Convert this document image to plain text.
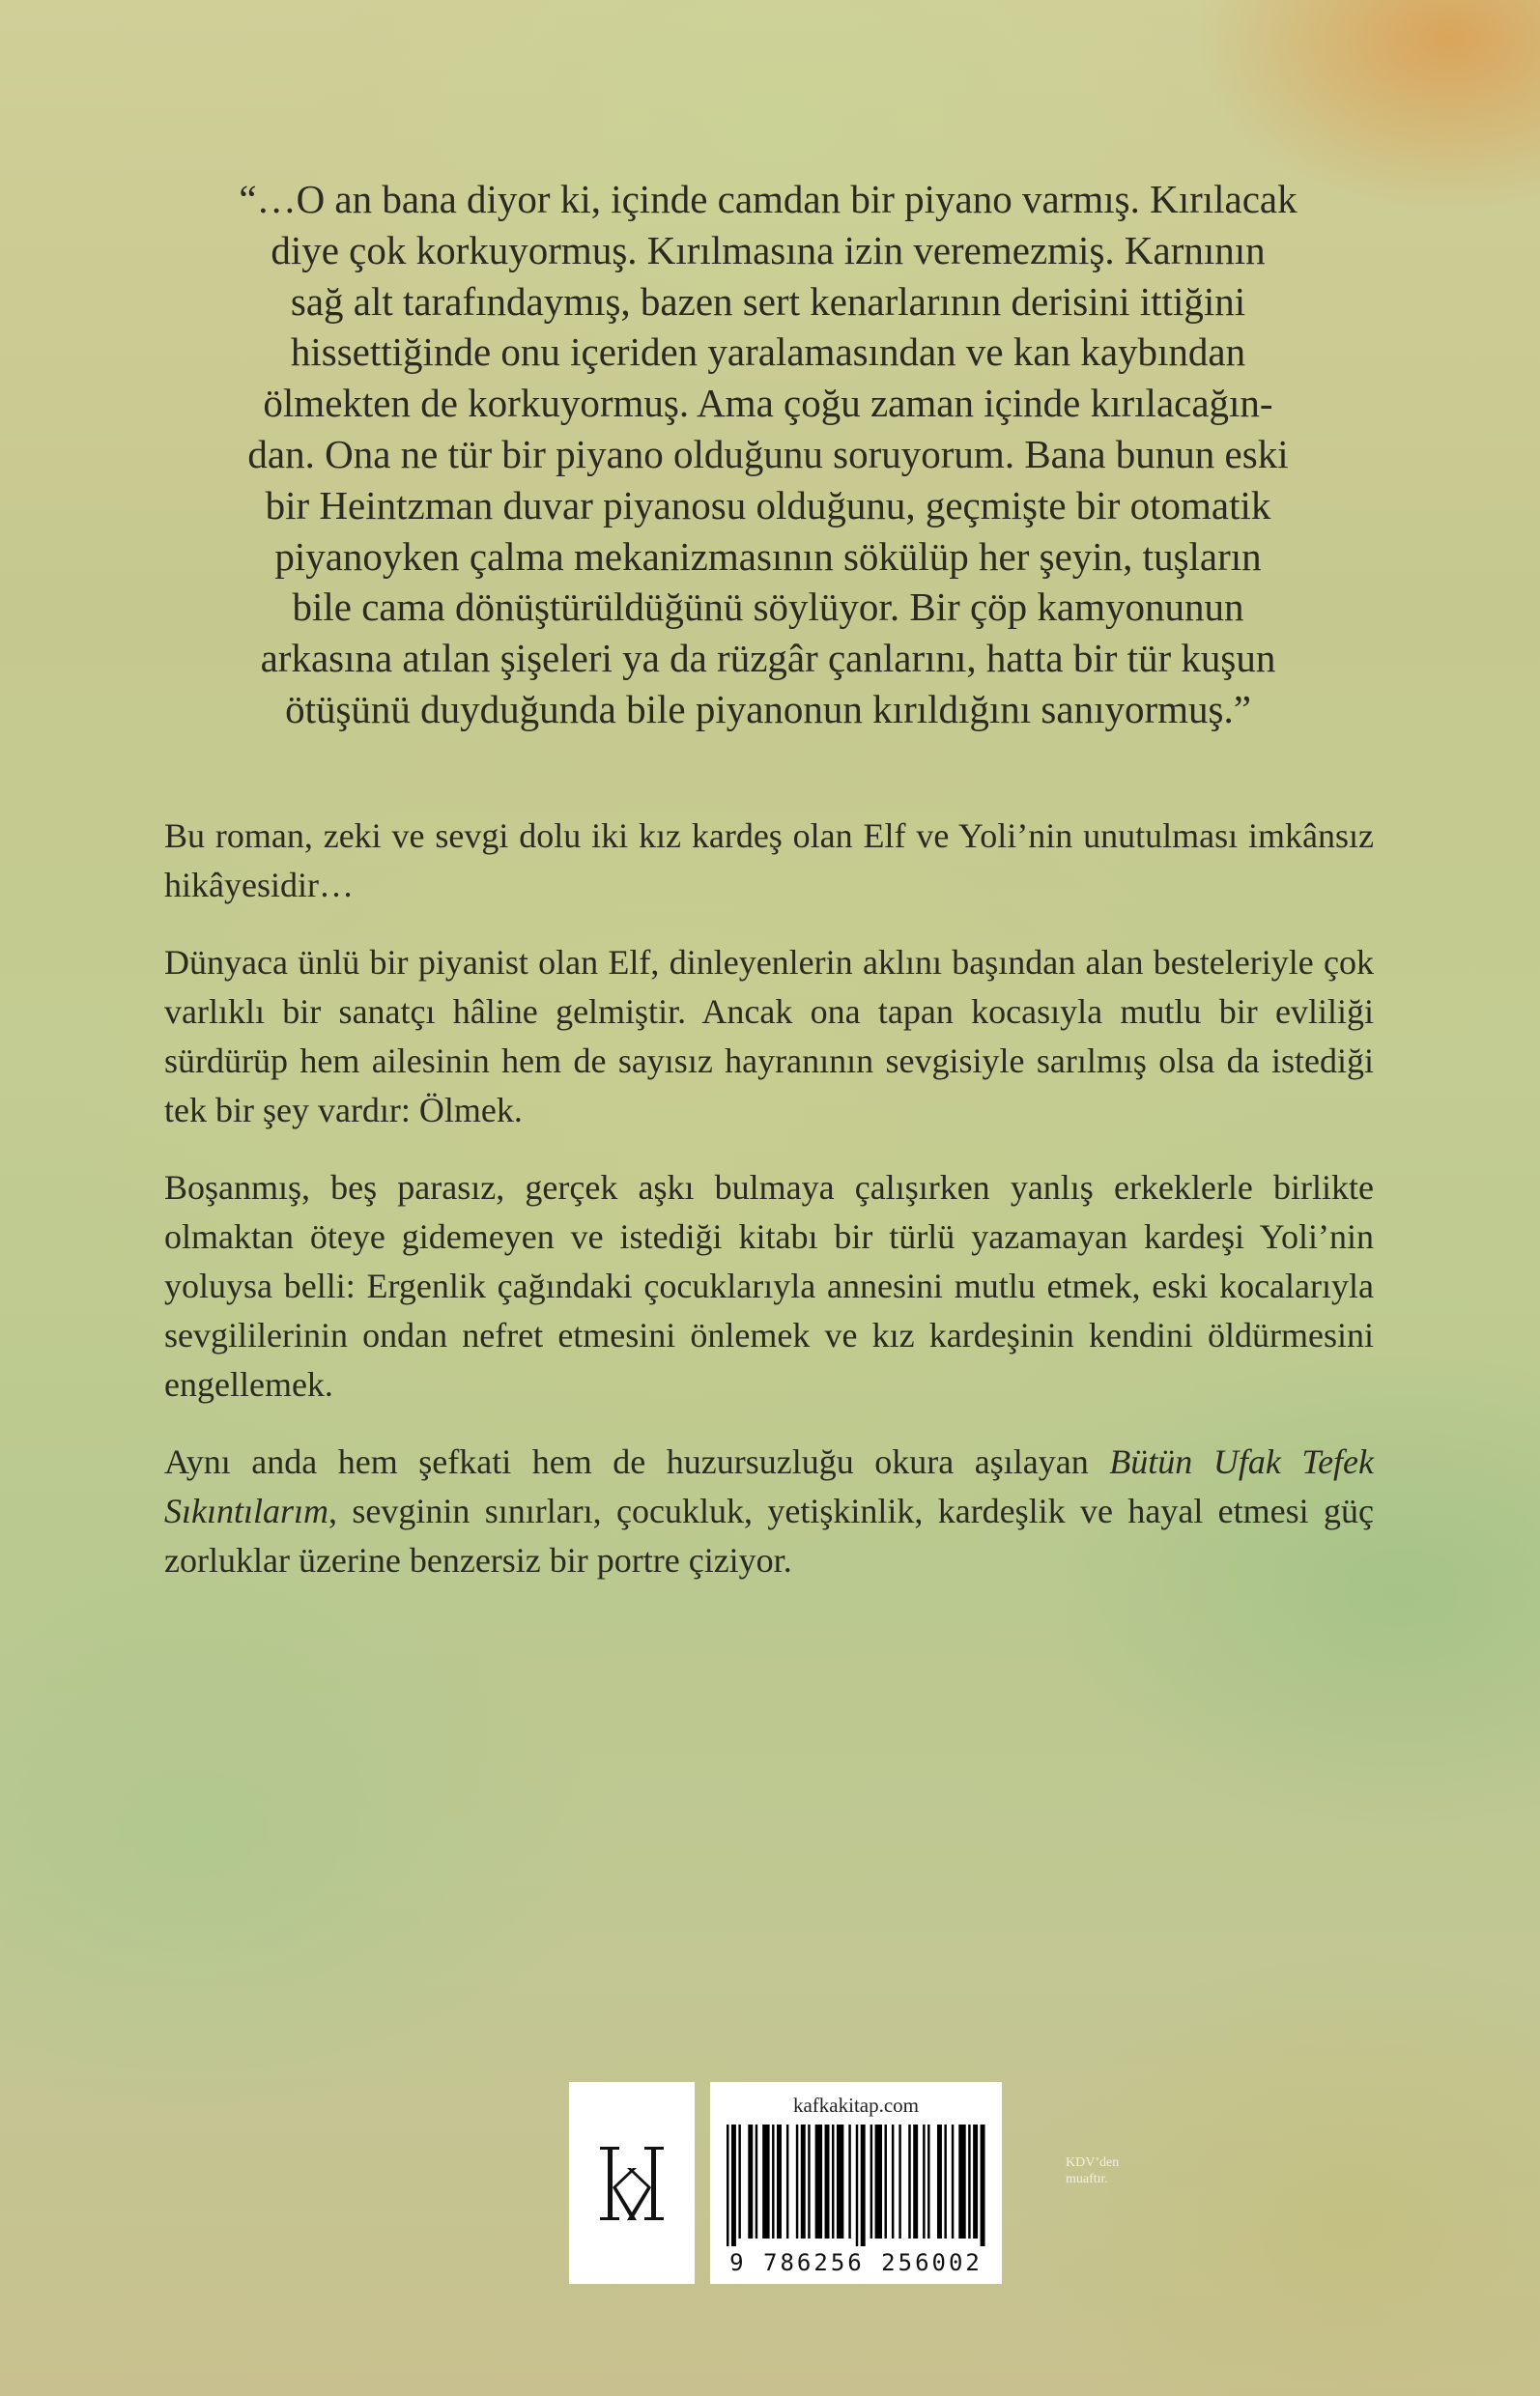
“…O an bana diyor ki, içinde camdan bir piyano varmış. Kırılacak
diye çok korkuyormuş. Kırılmasına izin veremezmiş. Karnının
sağ alt tarafındaymış, bazen sert kenarlarının derisini ittiğini
hissettiğinde onu içeriden yaralamasından ve kan kaybından
ölmekten de korkuyormuş. Ama çoğu zaman içinde kırılacağın-
dan. Ona ne tür bir piyano olduğunu soruyorum. Bana bunun eski
bir Heintzman duvar piyanosu olduğunu, geçmişte bir otomatik
piyanoyken çalma mekanizmasının sökülüp her şeyin, tuşların
bile cama dönüştürüldüğünü söylüyor. Bir çöp kamyonunun
arkasına atılan şişeleri ya da rüzgâr çanlarını, hatta bir tür kuşun
ötüşünü duyduğunda bile piyanonun kırıldığını sanıyormuş.”

Bu roman, zeki ve sevgi dolu iki kız kardeş olan Elf ve Yoli’nin unutulması imkânsız hikâyesidir…

Dünyaca ünlü bir piyanist olan Elf, dinleyenlerin aklını başından alan besteleriyle çok varlıklı bir sanatçı hâline gelmiştir. Ancak ona tapan kocasıyla mutlu bir evliliği sürdürüp hem ailesinin hem de sayısız hayranının sevgisiyle sarılmış olsa da istediği tek bir şey vardır: Ölmek.

Boşanmış, beş parasız, gerçek aşkı bulmaya çalışırken yanlış erkeklerle birlikte olmaktan öteye gidemeyen ve istediği kitabı bir türlü yazamayan kardeşi Yoli’nin yoluysa belli: Ergenlik çağındaki çocuklarıyla annesini mutlu etmek, eski kocalarıyla sevgililerinin ondan nefret etmesini önlemek ve kız kardeşinin kendini öldürmesini engellemek.

Aynı anda hem şefkati hem de huzursuzluğu okura aşılayan Bütün Ufak Tefek Sıkıntılarım, sevginin sınırları, çocukluk, yetişkinlik, kardeşlik ve hayal etmesi güç zorluklar üzerine benzersiz bir portre çiziyor.

kafkakitap.com
9 786256 256002
KDV’den muaftır.
